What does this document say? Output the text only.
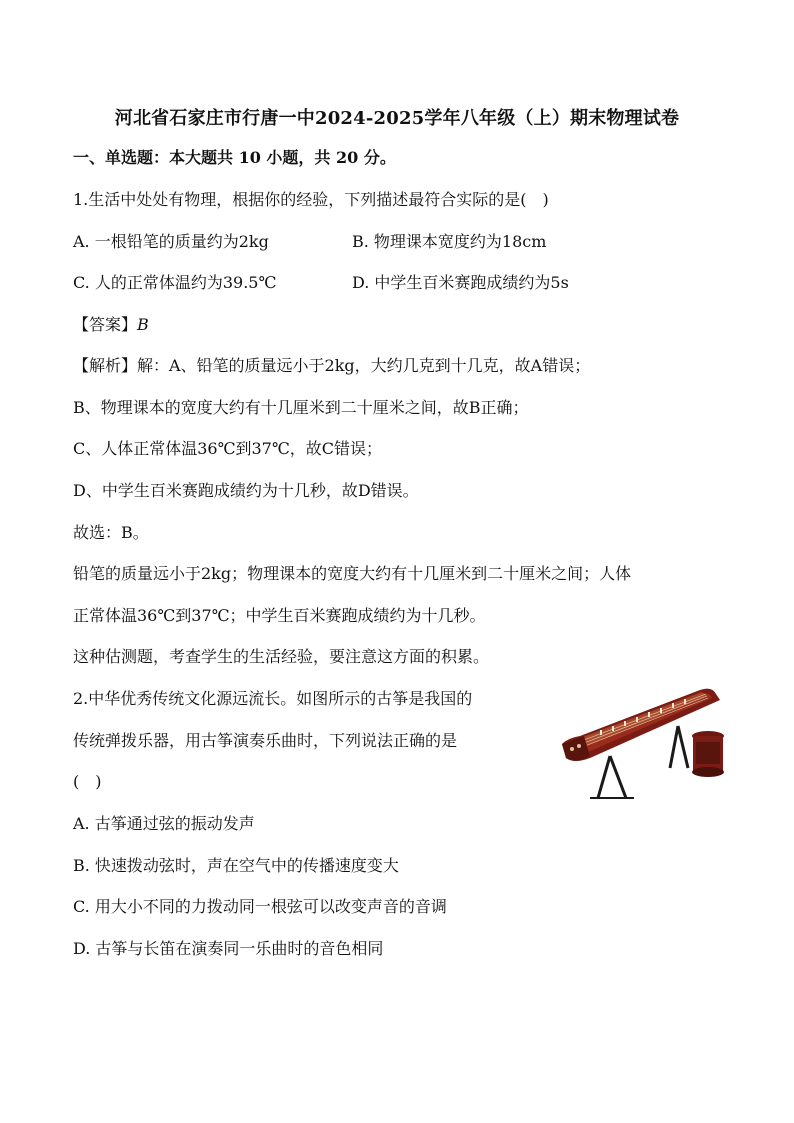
河北省石家庄市行唐一中2024-2025学年八年级（上）期末物理试卷
一、单选题：本大题共 10 小题，共 20 分。
1.生活中处处有物理，根据你的经验，下列描述最符合实际的是(　)
A. 一根铅笔的质量约为2kg	B. 物理课本宽度约为18cm
C. 人的正常体温约为39.5℃	D. 中学生百米赛跑成绩约为5s
【答案】B
【解析】解：A、铅笔的质量远小于2kg，大约几克到十几克，故A错误；
B、物理课本的宽度大约有十几厘米到二十厘米之间，故B正确；
C、人体正常体温36℃到37℃，故C错误；
D、中学生百米赛跑成绩约为十几秒，故D错误。
故选：B。
铅笔的质量远小于2kg；物理课本的宽度大约有十几厘米到二十厘米之间；人体
正常体温36℃到37℃；中学生百米赛跑成绩约为十几秒。
这种估测题，考查学生的生活经验，要注意这方面的积累。
2.中华优秀传统文化源远流长。如图所示的古筝是我国的
传统弹拨乐器，用古筝演奏乐曲时，下列说法正确的是
(　)
A. 古筝通过弦的振动发声
B. 快速拨动弦时，声在空气中的传播速度变大
C. 用大小不同的力拨动同一根弦可以改变声音的音调
D. 古筝与长笛在演奏同一乐曲时的音色相同
